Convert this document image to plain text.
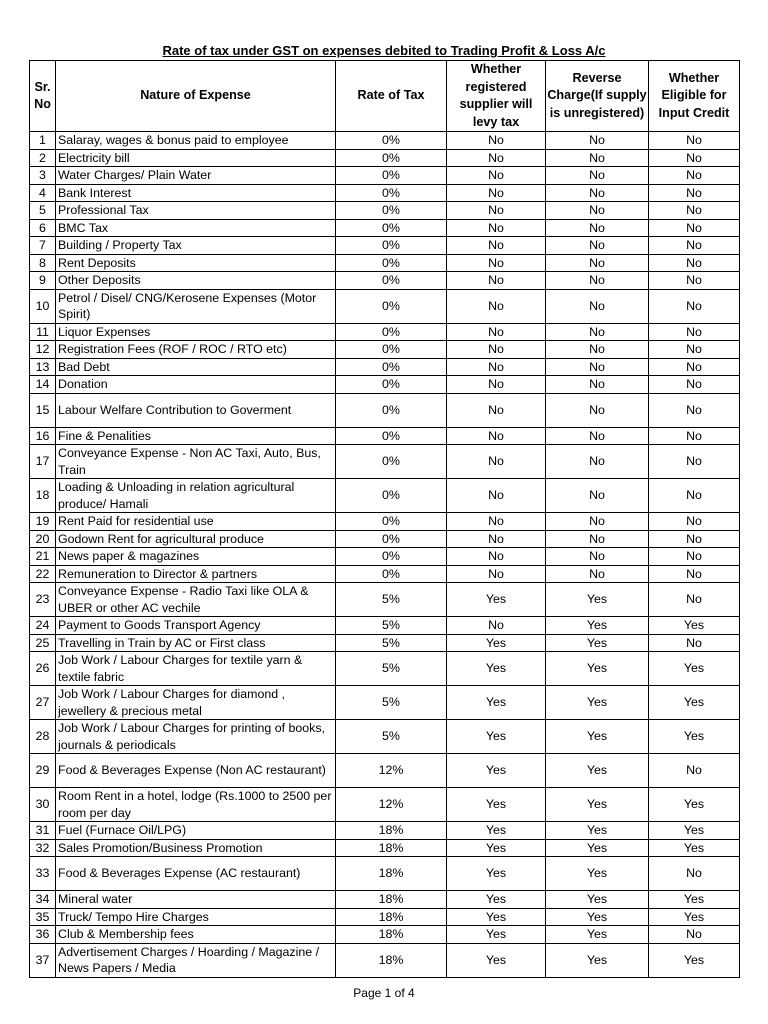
Rate of tax under GST on expenses debited to Trading Profit & Loss A/c
Sr. No	Nature of Expense	Rate of Tax	Whether registered supplier will levy tax	Reverse Charge(If supply is unregistered)	Whether Eligible for Input Credit
1	Salaray, wages & bonus paid to employee	0%	No	No	No
2	Electricity bill	0%	No	No	No
3	Water Charges/ Plain Water	0%	No	No	No
4	Bank Interest	0%	No	No	No
5	Professional Tax	0%	No	No	No
6	BMC Tax	0%	No	No	No
7	Building / Property Tax	0%	No	No	No
8	Rent Deposits	0%	No	No	No
9	Other Deposits	0%	No	No	No
10	Petrol / Disel/ CNG/Kerosene Expenses (Motor Spirit)	0%	No	No	No
11	Liquor Expenses	0%	No	No	No
12	Registration Fees (ROF / ROC / RTO etc)	0%	No	No	No
13	Bad Debt	0%	No	No	No
14	Donation	0%	No	No	No
15	Labour Welfare Contribution to Goverment	0%	No	No	No
16	Fine & Penalities	0%	No	No	No
17	Conveyance Expense - Non AC Taxi, Auto, Bus, Train	0%	No	No	No
18	Loading & Unloading in relation agricultural produce/ Hamali	0%	No	No	No
19	Rent Paid for residential use	0%	No	No	No
20	Godown Rent for agricultural produce	0%	No	No	No
21	News paper & magazines	0%	No	No	No
22	Remuneration to Director & partners	0%	No	No	No
23	Conveyance Expense - Radio Taxi like OLA & UBER or other AC vechile	5%	Yes	Yes	No
24	Payment to Goods Transport Agency	5%	No	Yes	Yes
25	Travelling in Train by AC or First class	5%	Yes	Yes	No
26	Job Work / Labour Charges for textile yarn & textile fabric	5%	Yes	Yes	Yes
27	Job Work / Labour Charges for diamond , jewellery & precious metal	5%	Yes	Yes	Yes
28	Job Work / Labour Charges for printing of books, journals & periodicals	5%	Yes	Yes	Yes
29	Food & Beverages Expense (Non AC restaurant)	12%	Yes	Yes	No
30	Room Rent in a hotel, lodge (Rs.1000 to 2500 per room per day	12%	Yes	Yes	Yes
31	Fuel (Furnace Oil/LPG)	18%	Yes	Yes	Yes
32	Sales Promotion/Business Promotion	18%	Yes	Yes	Yes
33	Food & Beverages Expense (AC restaurant)	18%	Yes	Yes	No
34	Mineral water	18%	Yes	Yes	Yes
35	Truck/ Tempo Hire Charges	18%	Yes	Yes	Yes
36	Club & Membership fees	18%	Yes	Yes	No
37	Advertisement Charges / Hoarding / Magazine / News Papers / Media	18%	Yes	Yes	Yes
Page 1 of 4
